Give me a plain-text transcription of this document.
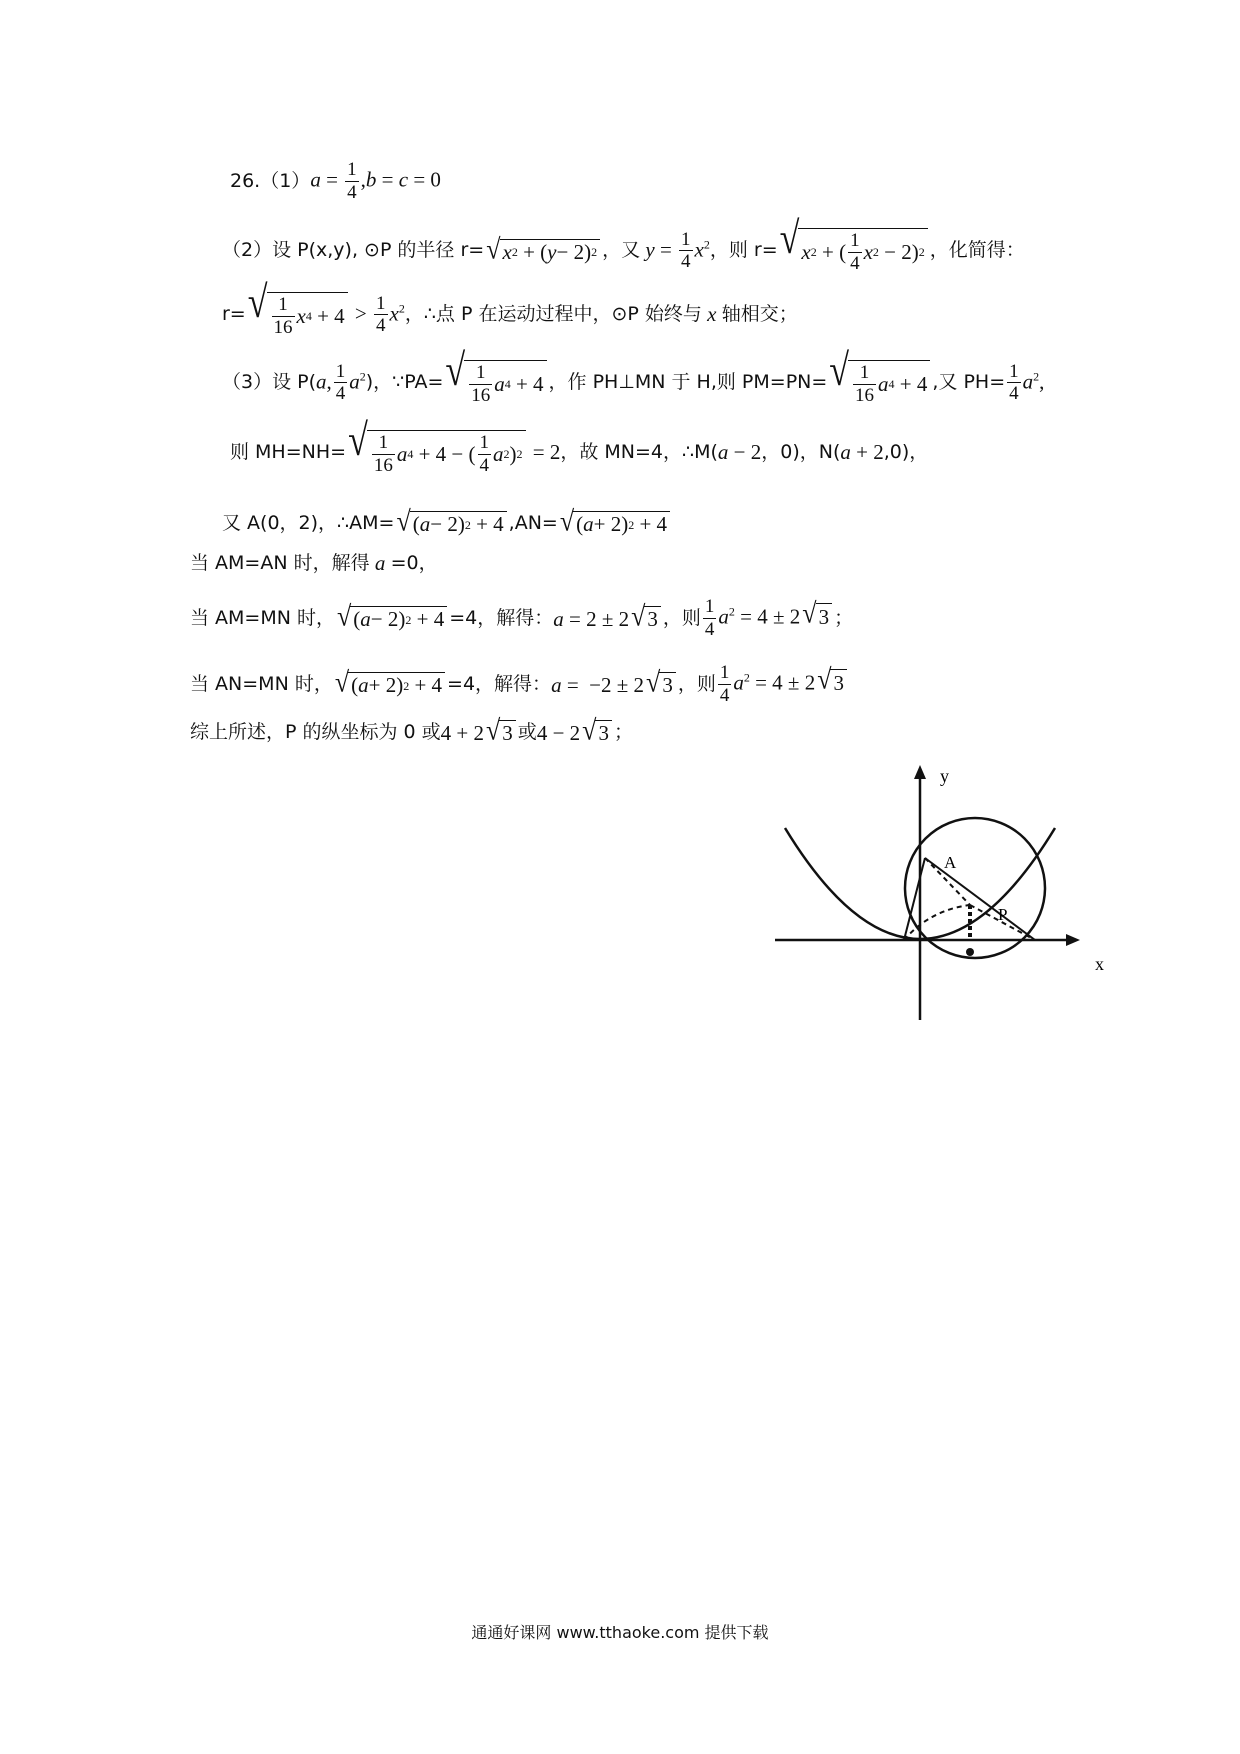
26.（1） $a = \frac{1}{4} ,b = c = 0$
（2）设 P(x,y), ⊙P 的半径 r= √ x 2 + ( y − 2) 2 ，又 $y = \frac{1}{4} x^2$ ，则 r= √ x 2 + ( $\frac{1}{4}$ x 2 − 2) 2 ，化简得：
r= √ $\frac{1}{16}$ x $4 + 4 > \frac{1}{4} x^2$ ，∴点 P 在运动过程中，⊙P 始终与 x 轴相交；
（3）设 P( a, $\frac{1}{4} a^2$ )，∵PA= √ $\frac{1}{16}$ a 4 + 4 ，作 PH⊥MN 于 H,则 PM=PN= √ $\frac{1}{16}$ a 4 + 4 ,又 $PH= \frac{1}{4} a^2$,
则 MH=NH= √ $\frac{1}{16}$ a 4 + 4 − ( $\frac{1}{4}$ a 2 ) 2 = 2 ，故 MN=4，∴M( a − 2 ，0)，N( a + 2 ,0)，
又 A(0，2)，∴AM= √ ( a − 2) 2 + 4 ,AN= √ ( a + 2) 2 + 4
当 AM=AN 时，解得 a =0，
当 AM=MN 时， √ ( a − 2) 2 + 4 =4，解得： a = 2 ± 2 √ 3 ，则 $\frac{1}{4} a^2 = 4 \pm 2$ √ 3 ；
当 AN=MN 时， √ ( a + 2) 2 + 4 =4，解得： a =  −2 ± 2 √ 3 ，则 $\frac{1}{4} a^2 = 4 \pm 2$ √ 3
综上所述，P 的纵坐标为 0 或 4 + 2 √ 3 或 4 − 2 √ 3 ；
y
x
A
P
通通好课网 www.tthaoke.com 提供下载
